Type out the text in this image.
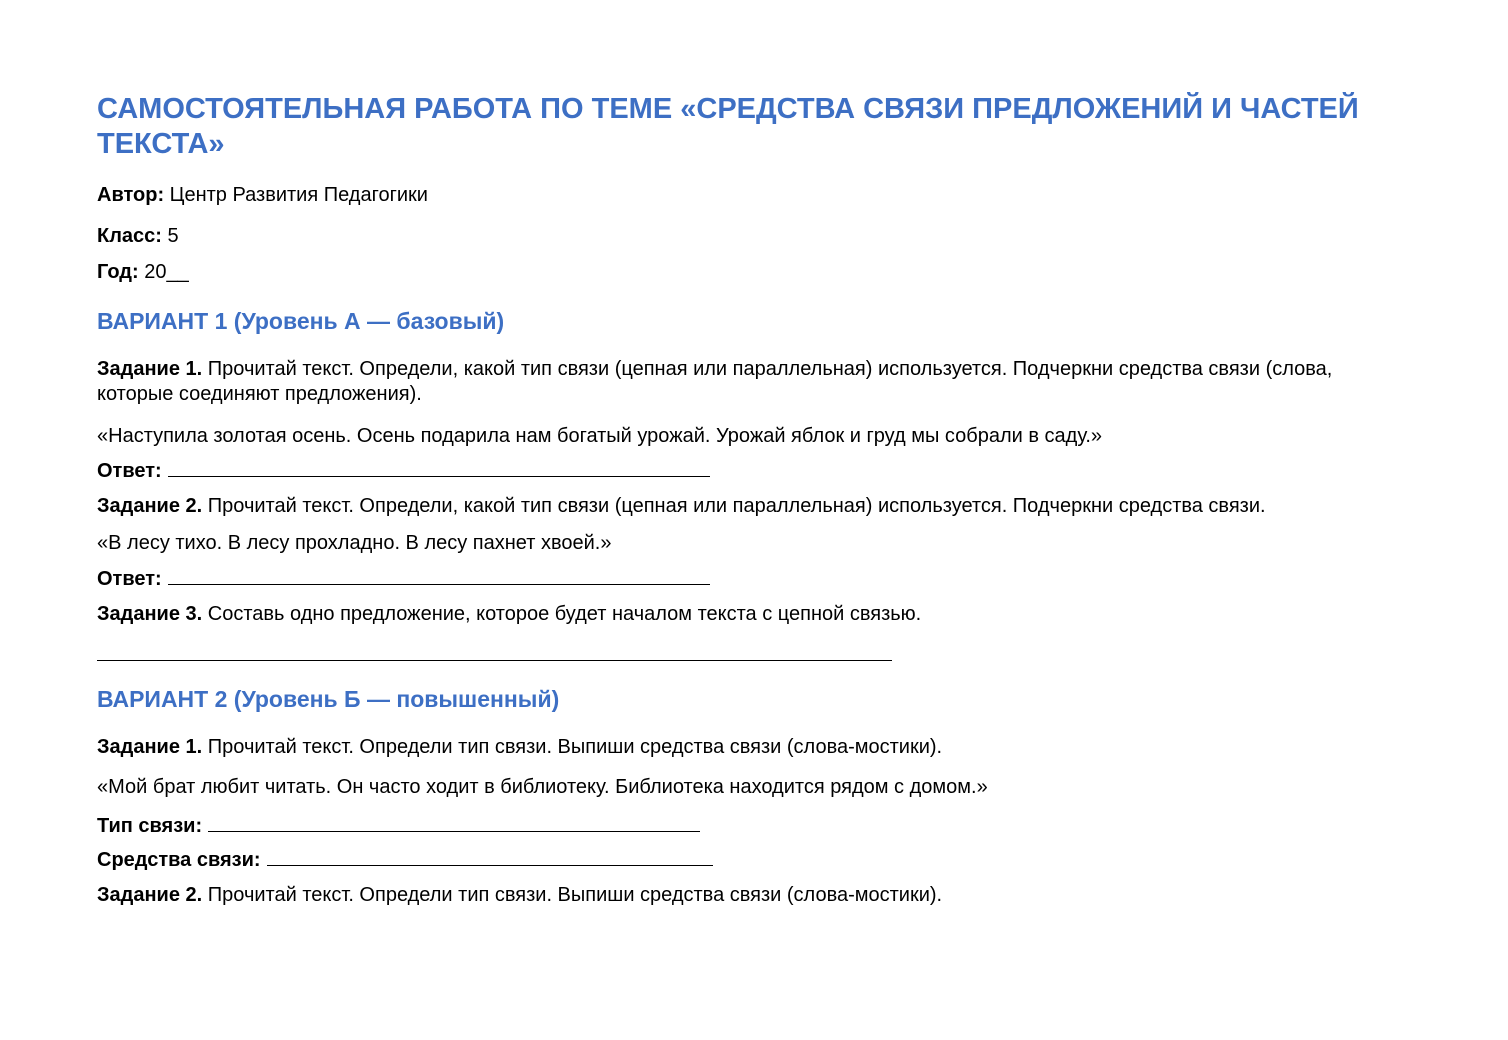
САМОСТОЯТЕЛЬНАЯ РАБОТА ПО ТЕМЕ «СРЕДСТВА СВЯЗИ ПРЕДЛОЖЕНИЙ И ЧАСТЕЙ ТЕКСТА»

Автор: Центр Развития Педагогики

Класс: 5

Год: 20__

ВАРИАНТ 1 (Уровень А — базовый)

Задание 1. Прочитай текст. Определи, какой тип связи (цепная или параллельная) используется. Подчеркни средства связи (слова, которые соединяют предложения).

«Наступила золотая осень. Осень подарила нам богатый урожай. Урожай яблок и груд мы собрали в саду.»

Ответ:

Задание 2. Прочитай текст. Определи, какой тип связи (цепная или параллельная) используется. Подчеркни средства связи.

«В лесу тихо. В лесу прохладно. В лесу пахнет хвоей.»

Ответ:

Задание 3. Составь одно предложение, которое будет началом текста с цепной связью.

ВАРИАНТ 2 (Уровень Б — повышенный)

Задание 1. Прочитай текст. Определи тип связи. Выпиши средства связи (слова-мостики).

«Мой брат любит читать. Он часто ходит в библиотеку. Библиотека находится рядом с домом.»

Тип связи:

Средства связи:

Задание 2. Прочитай текст. Определи тип связи. Выпиши средства связи (слова-мостики).
